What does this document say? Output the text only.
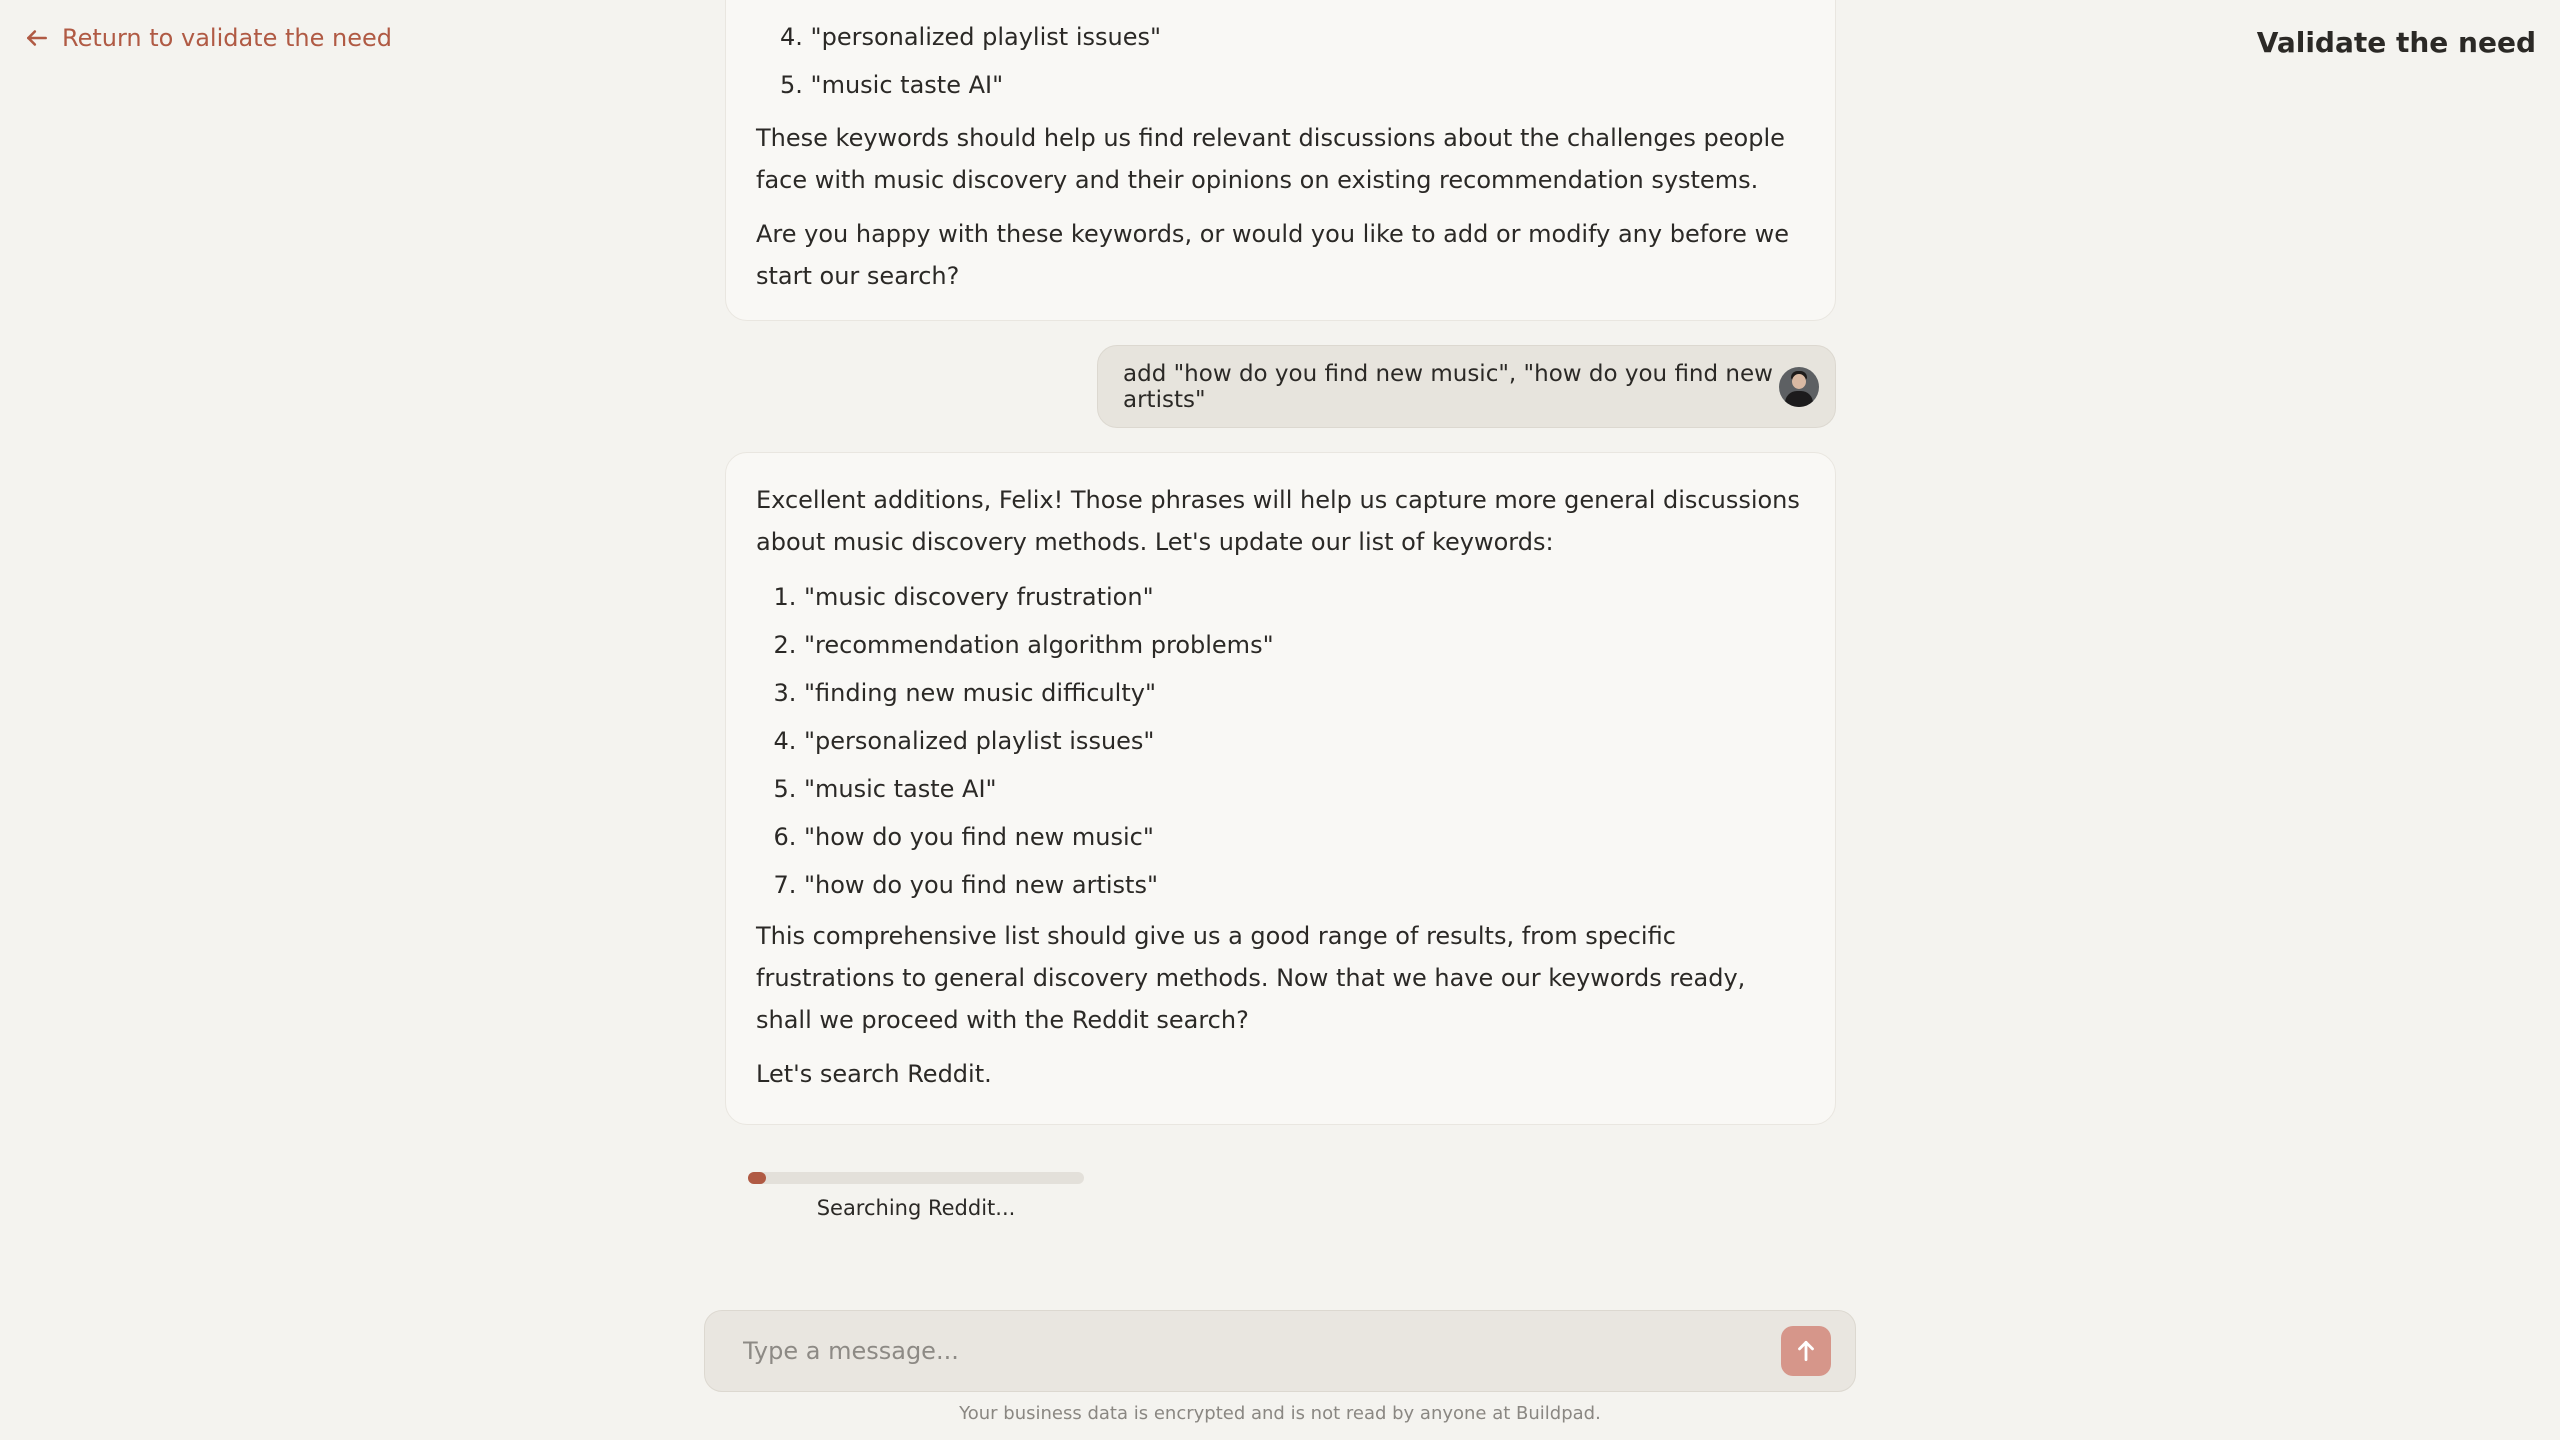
Return to validate the need	Validate the need
4. "personalized playlist issues"
5. "music taste AI"

These keywords should help us find relevant discussions about the challenges people face with music discovery and their opinions on existing recommendation systems.

Are you happy with these keywords, or would you like to add or modify any before we start our search?

add "how do you find new music", "how do you find new artists"

Excellent additions, Felix! Those phrases will help us capture more general discussions about music discovery methods. Let's update our list of keywords:

1. "music discovery frustration"
2. "recommendation algorithm problems"
3. "finding new music difficulty"
4. "personalized playlist issues"
5. "music taste AI"
6. "how do you find new music"
7. "how do you find new artists"

This comprehensive list should give us a good range of results, from specific frustrations to general discovery methods. Now that we have our keywords ready, shall we proceed with the Reddit search?

Let's search Reddit.

Searching Reddit...
Type a message...
Your business data is encrypted and is not read by anyone at Buildpad.
